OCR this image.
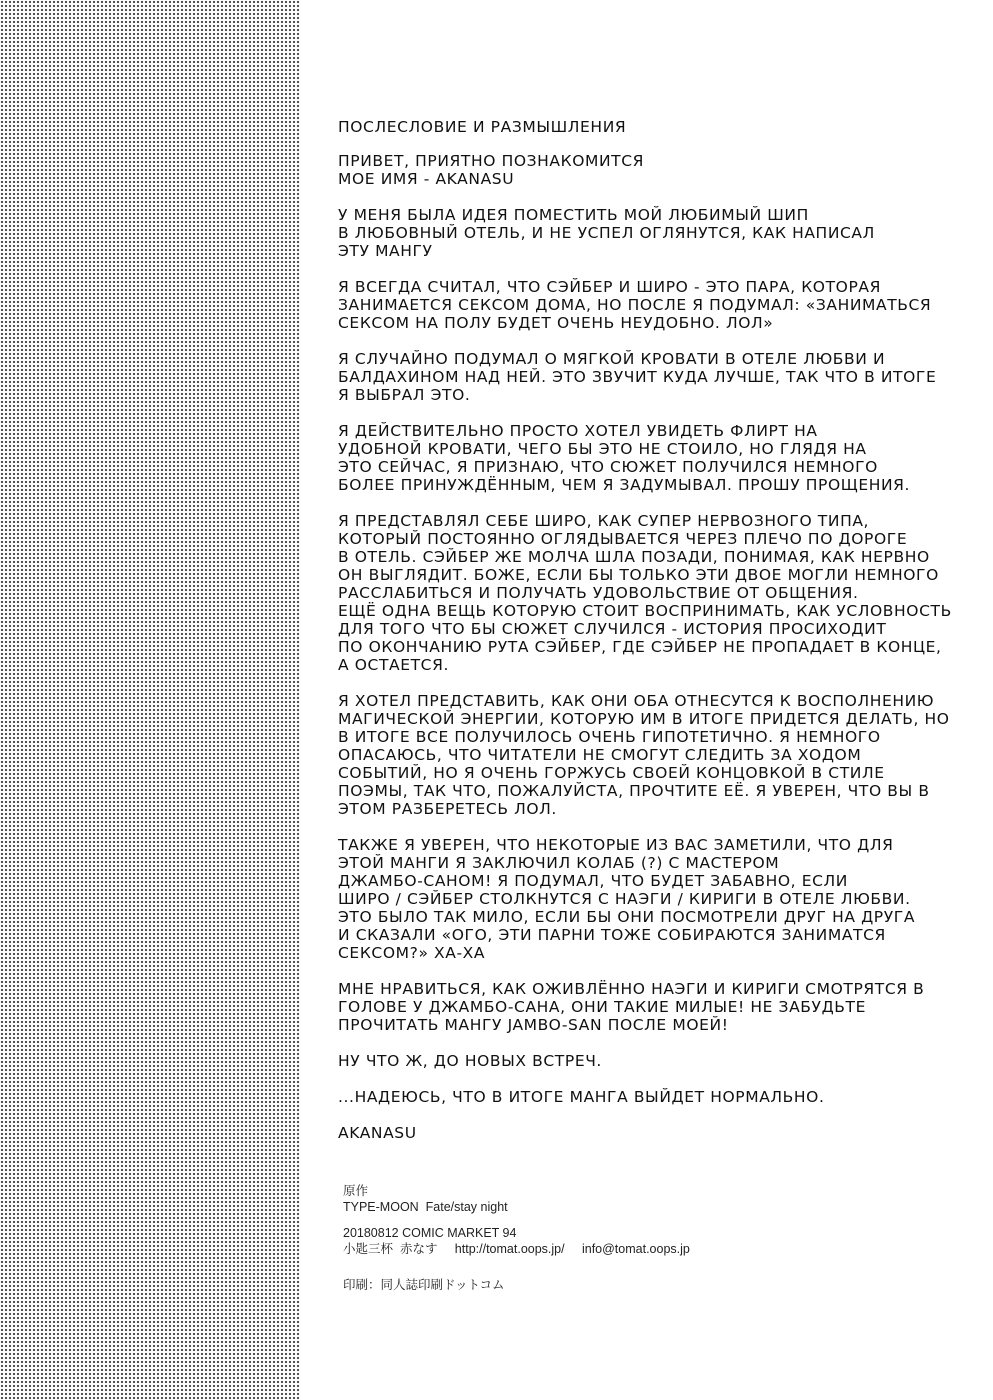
ПОСЛЕСЛОВИЕ И РАЗМЫШЛЕНИЯ

ПРИВЕТ, ПРИЯТНО ПОЗНАКОМИТСЯ
МОЕ ИМЯ - AKANASU

У МЕНЯ БЫЛА ИДЕЯ ПОМЕСТИТЬ МОЙ ЛЮБИМЫЙ ШИП
В ЛЮБОВНЫЙ ОТЕЛЬ, И НЕ УСПЕЛ ОГЛЯНУТСЯ, КАК НАПИСАЛ
ЭТУ МАНГУ

Я ВСЕГДА СЧИТАЛ, ЧТО СЭЙБЕР И ШИРО - ЭТО ПАРА, КОТОРАЯ
ЗАНИМАЕТСЯ СЕКСОМ ДОМА, НО ПОСЛЕ Я ПОДУМАЛ: «ЗАНИМАТЬСЯ
СЕКСОМ НА ПОЛУ БУДЕТ ОЧЕНЬ НЕУДОБНО. ЛОЛ»

Я СЛУЧАЙНО ПОДУМАЛ О МЯГКОЙ КРОВАТИ В ОТЕЛЕ ЛЮБВИ И
БАЛДАХИНОМ НАД НЕЙ. ЭТО ЗВУЧИТ КУДА ЛУЧШЕ, ТАК ЧТО В ИТОГЕ
Я ВЫБРАЛ ЭТО.

Я ДЕЙСТВИТЕЛЬНО ПРОСТО ХОТЕЛ УВИДЕТЬ ФЛИРТ НА
УДОБНОЙ КРОВАТИ, ЧЕГО БЫ ЭТО НЕ СТОИЛО, НО ГЛЯДЯ НА
ЭТО СЕЙЧАС, Я ПРИЗНАЮ, ЧТО СЮЖЕТ ПОЛУЧИЛСЯ НЕМНОГО
БОЛЕЕ ПРИНУЖДЁННЫМ, ЧЕМ Я ЗАДУМЫВАЛ. ПРОШУ ПРОЩЕНИЯ.

Я ПРЕДСТАВЛЯЛ СЕБЕ ШИРО, КАК СУПЕР НЕРВОЗНОГО ТИПА,
КОТОРЫЙ ПОСТОЯННО ОГЛЯДЫВАЕТСЯ ЧЕРЕЗ ПЛЕЧО ПО ДОРОГЕ
В ОТЕЛЬ. СЭЙБЕР ЖЕ МОЛЧА ШЛА ПОЗАДИ, ПОНИМАЯ, КАК НЕРВНО
ОН ВЫГЛЯДИТ. БОЖЕ, ЕСЛИ БЫ ТОЛЬКО ЭТИ ДВОЕ МОГЛИ НЕМНОГО
РАССЛАБИТЬСЯ И ПОЛУЧАТЬ УДОВОЛЬСТВИЕ ОТ ОБЩЕНИЯ.
ЕЩЁ ОДНА ВЕЩЬ КОТОРУЮ СТОИТ ВОСПРИНИМАТЬ, КАК УСЛОВНОСТЬ
ДЛЯ ТОГО ЧТО БЫ СЮЖЕТ СЛУЧИЛСЯ - ИСТОРИЯ ПРОСИХОДИТ
ПО ОКОНЧАНИЮ РУТА СЭЙБЕР, ГДЕ СЭЙБЕР НЕ ПРОПАДАЕТ В КОНЦЕ,
А ОСТАЕТСЯ.

Я ХОТЕЛ ПРЕДСТАВИТЬ, КАК ОНИ ОБА ОТНЕСУТСЯ К ВОСПОЛНЕНИЮ
МАГИЧЕСКОЙ ЭНЕРГИИ, КОТОРУЮ ИМ В ИТОГЕ ПРИДЕТСЯ ДЕЛАТЬ, НО
В ИТОГЕ ВСЕ ПОЛУЧИЛОСЬ ОЧЕНЬ ГИПОТЕТИЧНО. Я НЕМНОГО
ОПАСАЮСЬ, ЧТО ЧИТАТЕЛИ НЕ СМОГУТ СЛЕДИТЬ ЗА ХОДОМ
СОБЫТИЙ, НО Я ОЧЕНЬ ГОРЖУСЬ СВОЕЙ КОНЦОВКОЙ В СТИЛЕ
ПОЭМЫ, ТАК ЧТО, ПОЖАЛУЙСТА, ПРОЧТИТЕ ЕЁ. Я УВЕРЕН, ЧТО ВЫ В
ЭТОМ РАЗБЕРЕТЕСЬ ЛОЛ.

ТАКЖЕ Я УВЕРЕН, ЧТО НЕКОТОРЫЕ ИЗ ВАС ЗАМЕТИЛИ, ЧТО ДЛЯ
ЭТОЙ МАНГИ Я ЗАКЛЮЧИЛ КОЛАБ (?) С МАСТЕРОМ
ДЖАМБО-САНОМ! Я ПОДУМАЛ, ЧТО БУДЕТ ЗАБАВНО, ЕСЛИ
ШИРО / СЭЙБЕР СТОЛКНУТСЯ С НАЭГИ / КИРИГИ В ОТЕЛЕ ЛЮБВИ.
ЭТО БЫЛО ТАК МИЛО, ЕСЛИ БЫ ОНИ ПОСМОТРЕЛИ ДРУГ НА ДРУГА
И СКАЗАЛИ «ОГО, ЭТИ ПАРНИ ТОЖЕ СОБИРАЮТСЯ ЗАНИМАТСЯ
СЕКСОМ?» ХА-ХА

МНЕ НРАВИТЬСЯ, КАК ОЖИВЛЁННО НАЭГИ И КИРИГИ СМОТРЯТСЯ В
ГОЛОВЕ У ДЖАМБО-САНА, ОНИ ТАКИЕ МИЛЫЕ! НЕ ЗАБУДЬТЕ
ПРОЧИТАТЬ МАНГУ JAMBO-SAN ПОСЛЕ МОЕЙ!

НУ ЧТО Ж, ДО НОВЫХ ВСТРЕЧ.

...НАДЕЮСЬ, ЧТО В ИТОГЕ МАНГА ВЫЙДЕТ НОРМАЛЬНО.

AKANASU

原作
TYPE-MOON  Fate/stay night
20180812 COMIC MARKET 94
小匙三杯  赤なす     http://tomat.oops.jp/     info@tomat.oops.jp
印刷：同人誌印刷ドットコム
